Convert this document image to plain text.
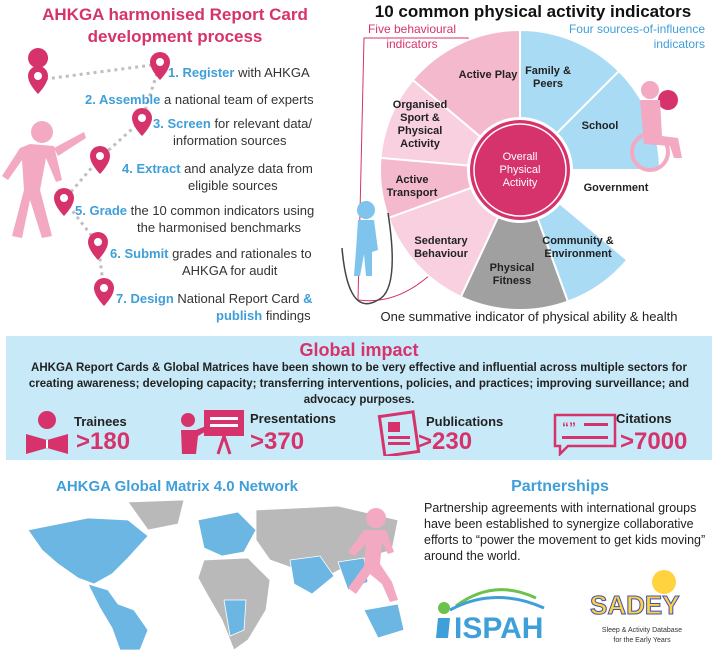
AHKGA harmonised Report Card
development process
1. Register with AHKGA
2. Assemble a national team of experts
3. Screen for relevant data/
information sources
4. Extract and analyze data from
eligible sources
5. Grade the 10 common indicators using
the harmonised benchmarks
6. Submit grades and rationales to
AHKGA for audit
7. Design National Report Card &
publish findings
10 common physical activity indicators
Five behavioural indicators
Four sources-of-influence indicators
Active Play Family &
Peers
School
Government
Community &
Environment
Physical
Fitness
Sedentary
Behaviour
Active
Transport
Organised
Sport &
Physical
Activity
Overall
Physical
Activity
One summative indicator of physical ability & health
Global impact
AHKGA Report Cards & Global Matrices have been shown to be very effective and influential across multiple sectors for creating awareness; developing capacity; transferring interventions, policies, and practices; improving surveillance; and advocacy purposes.
Trainees
>180
Presentations
>370
Publications
>230
“”
Citations
>7000
AHKGA Global Matrix 4.0 Network	Partnerships
Partnership agreements with international groups have been established to synergize collaborative efforts to “power the movement to get kids moving” around the world.
ISPAH
SADEY
Sleep & Activity Database
for the Early Years
